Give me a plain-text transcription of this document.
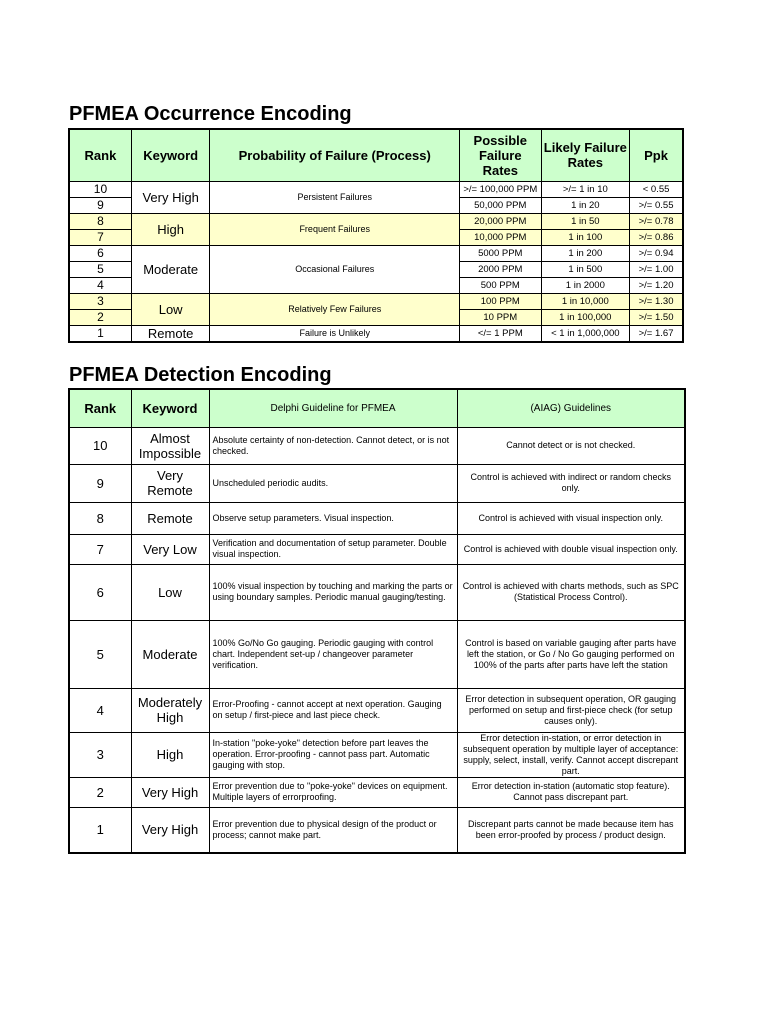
PFMEA Occurrence Encoding
Rank	Keyword	Probability of Failure (Process)	Possible Failure Rates	Likely Failure Rates	Ppk
10	Very High	Persistent Failures	>/= 100,000 PPM	>/= 1 in 10	< 0.55
9			50,000 PPM	1 in 20	>/= 0.55
8	High	Frequent Failures	20,000 PPM	1 in 50	>/= 0.78
7			10,000 PPM	1 in 100	>/= 0.86
6	Moderate	Occasional Failures	5000 PPM	1 in 200	>/= 0.94
5			2000 PPM	1 in 500	>/= 1.00
4			500 PPM	1 in 2000	>/= 1.20
3	Low	Relatively Few Failures	100 PPM	1 in 10,000	>/= 1.30
2			10 PPM	1 in 100,000	>/= 1.50
1	Remote	Failure is Unlikely	</= 1 PPM	< 1 in 1,000,000	>/= 1.67
PFMEA Detection Encoding
Rank	Keyword	Delphi Guideline for PFMEA	(AIAG) Guidelines
10	Almost Impossible	Absolute certainty of non-detection. Cannot detect, or is not checked.	Cannot detect or is not checked.
9	Very Remote	Unscheduled periodic audits.	Control is achieved with indirect or random checks only.
8	Remote	Observe setup parameters. Visual inspection.	Control is achieved with visual inspection only.
7	Very Low	Verification and documentation of setup parameter. Double visual inspection.	Control is achieved with double visual inspection only.
6	Low	100% visual inspection by touching and marking the parts or using boundary samples. Periodic manual gauging/testing.	Control is achieved with charts methods, such as SPC (Statistical Process Control).
5	Moderate	100% Go/No Go gauging. Periodic gauging with control chart. Independent set-up / changeover parameter verification.	Control is based on variable gauging after parts have left the station, or Go / No Go gauging performed on 100% of the parts after parts have left the station
4	Moderately High	Error-Proofing - cannot accept at next operation. Gauging on setup / first-piece and last piece check.	Error detection in subsequent operation, OR gauging performed on setup and first-piece check (for setup causes only).
3	High	In-station "poke-yoke" detection before part leaves the operation. Error-proofing - cannot pass part. Automatic gauging with stop.	Error detection in-station, or error detection in subsequent operation by multiple layer of acceptance: supply, select, install, verify. Cannot accept discrepant part.
2	Very High	Error prevention due to "poke-yoke" devices on equipment. Multiple layers of errorproofing.	Error detection in-station (automatic stop feature). Cannot pass discrepant part.
1	Very High	Error prevention due to physical design of the product or process; cannot make part.	Discrepant parts cannot be made because item has been error-proofed by process / product design.
